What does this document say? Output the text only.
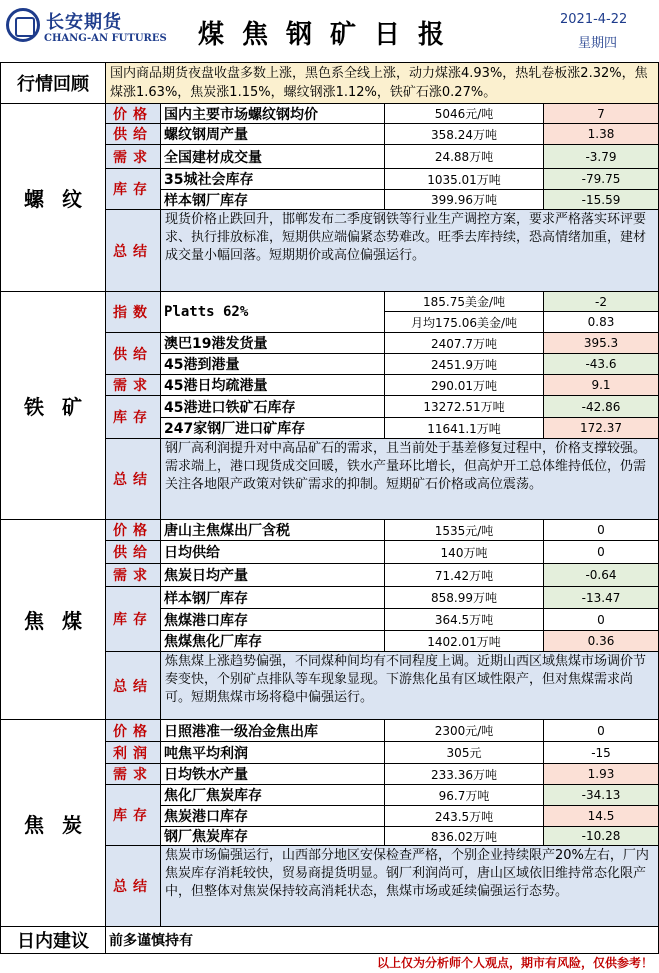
长安期货
CHANG-AN FUTURES	煤焦钢矿日报
2021-4-22
星期四
行情回顾
国内商品期货夜盘收盘多数上涨，黑色系全线上涨，动力煤涨4.93%，热轧卷板涨2.32%，焦煤涨1.63%，焦炭涨1.15%，螺纹钢涨1.12%，铁矿石涨0.27%。
螺纹
价格 国内主要市场螺纹钢均价	5046元/吨	7
供给 螺纹钢周产量	358.24万吨	1.38
需求 全国建材成交量	24.88万吨	-3.79
库存
35城社会库存	1035.01万吨	-79.75
样本钢厂库存	399.96万吨	-15.59
总结
现货价格止跌回升，邯郸发布二季度钢铁等行业生产调控方案，要求严格落实环评要求、执行排放标准，短期供应端偏紧态势难改。旺季去库持续，恐高情绪加重，建材成交量小幅回落。短期期价或高位偏强运行。
铁矿
指数 Platts 62%
185.75美金/吨	-2
月均175.06美金/吨	0.83
供给
澳巴19港发货量	2407.7万吨	395.3
45港到港量	2451.9万吨	-43.6
需求 45港日均疏港量	290.01万吨	9.1
库存
45港进口铁矿石库存	13272.51万吨	-42.86
247家钢厂进口矿库存	11641.1万吨	172.37
总结
钢厂高利润提升对中高品矿石的需求，且当前处于基差修复过程中，价格支撑较强。需求端上，港口现货成交回暖，铁水产量环比增长，但高炉开工总体维持低位，仍需关注各地限产政策对铁矿需求的抑制。短期矿石价格或高位震荡。
焦煤
价格 唐山主焦煤出厂含税	1535元/吨	0
供给 日均供给	140万吨	0
需求 焦炭日均产量	71.42万吨	-0.64
库存
样本钢厂库存	858.99万吨	-13.47
焦煤港口库存	364.5万吨	0
焦煤焦化厂库存	1402.01万吨	0.36
总结
炼焦煤上涨趋势偏强，不同煤种间均有不同程度上调。近期山西区域焦煤市场调价节奏变快，个别矿点排队等车现象显现。下游焦化虽有区域性限产，但对焦煤需求尚可。短期焦煤市场将稳中偏强运行。
焦炭
价格 日照港准一级冶金焦出库	2300元/吨	0
利润 吨焦平均利润	305元	-15
需求 日均铁水产量	233.36万吨	1.93
库存
焦化厂焦炭库存	96.7万吨	-34.13
焦炭港口库存	243.5万吨	14.5
钢厂焦炭库存	836.02万吨	-10.28
总结
焦炭市场偏强运行，山西部分地区安保检查严格，个别企业持续限产20%左右，厂内焦炭库存消耗较快，贸易商提货明显。钢厂利润尚可，唐山区域依旧维持常态化限产中，但整体对焦炭保持较高消耗状态，焦煤市场或延续偏强运行态势。
日内建议	前多谨慎持有
以上仅为分析师个人观点，期市有风险，仅供参考！
